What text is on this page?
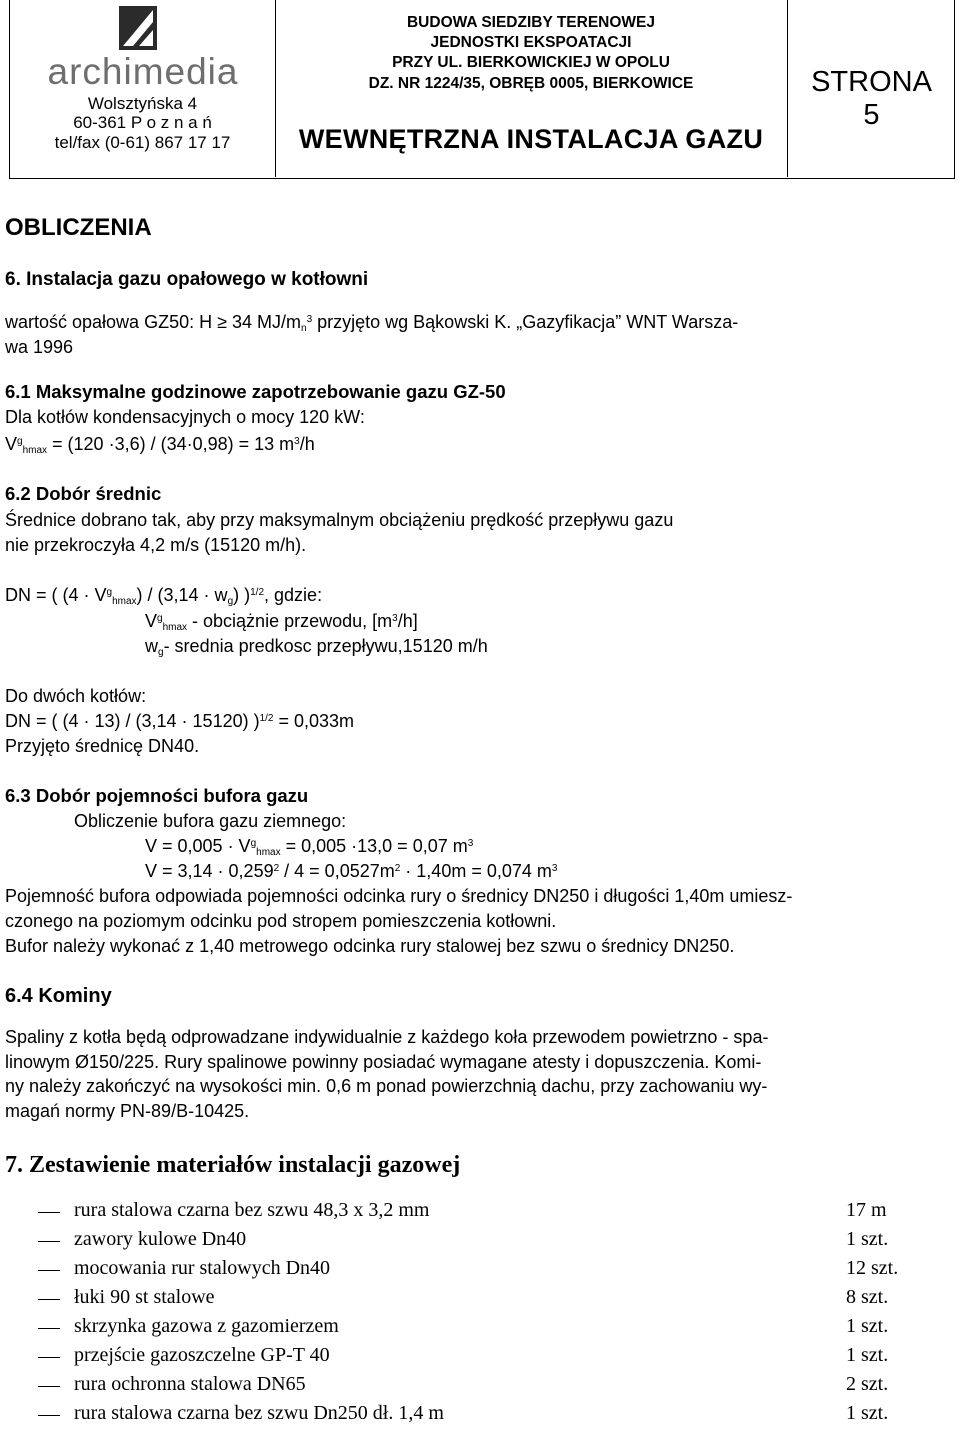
archimedia
Wolsztyńska 4
60-361 P o z n a ń
tel/fax (0-61) 867 17 17
BUDOWA SIEDZIBY TERENOWEJ
JEDNOSTKI EKSPOATACJI
PRZY UL. BIERKOWICKIEJ W OPOLU
DZ. NR 1224/35, OBRĘB 0005, BIERKOWICE
WEWNĘTRZNA INSTALACJA GAZU
STRONA
5
OBLICZENIA
6. Instalacja gazu opałowego w kotłowni
wartość opałowa GZ50: H ≥ 34 $MJ/m_n^3$ przyjęto wg Bąkowski K. „Gazyfikacja” WNT Warsza-
wa 1996
6.1 Maksymalne godzinowe zapotrzebowanie gazu GZ-50
Dla kotłów kondensacyjnych o mocy 120 kW:
$V^g_{hmax} = (120 \cdot 3,6) / (34\cdot 0,98) = 13$ $m^3/h$
6.2 Dobór średnic
Średnice dobrano tak, aby przy maksymalnym obciążeniu prędkość przepływu gazu
nie przekroczyła 4,2 m/s (15120 m/h).
DN = ( $(4 \cdot V^g_{hmax}) / (3,14 \cdot w_g)$ )$^{1/2}$, gdzie:
$V^g_{hmax}$ - obciążnie przewodu, $[m^3/h]$
$w_g-$ srednia predkosc przepływu,15120 m/h
Do dwóch kotłów:
DN = ( (4 · 13) / (3,14 · 15120) )$^{1/2}$ = 0,033m
Przyjęto średnicę DN40.
6.3 Dobór pojemności bufora gazu
Obliczenie bufora gazu ziemnego:
$V = 0,005 \cdot V^g_{hmax} = 0,005 \cdot 13,0 = 0,07$ $m^3$
$V = 3,14 \cdot 0,259^2 / 4 = 0,0527m^2 \cdot 1,40m = 0,074$ $m^3$
Pojemność bufora odpowiada pojemności odcinka rury o średnicy DN250 i długości 1,40m umiesz-
czonego na poziomym odcinku pod stropem pomieszczenia kotłowni.
Bufor należy wykonać z 1,40 metrowego odcinka rury stalowej bez szwu o średnicy DN250.
6.4 Kominy
Spaliny z kotła będą odprowadzane indywidualnie z każdego koła przewodem powietrzno - spa-
linowym Ø150/225. Rury spalinowe powinny posiadać wymagane atesty i dopuszczenia. Komi-
ny należy zakończyć na wysokości min. 0,6 m ponad powierzchnią dachu, przy zachowaniu wy-
magań normy PN-89/B-10425.
7. Zestawienie materiałów instalacji gazowej
rura stalowa czarna bez szwu 48,3 x 3,2 mm	17 m
zawory kulowe Dn40	1 szt.
mocowania rur stalowych Dn40	12 szt.
łuki 90 st stalowe	8 szt.
skrzynka gazowa z gazomierzem	1 szt.
przejście gazoszczelne GP-T 40	1 szt.
rura ochronna stalowa DN65	2 szt.
rura stalowa czarna bez szwu Dn250 dł. 1,4 m	1 szt.
